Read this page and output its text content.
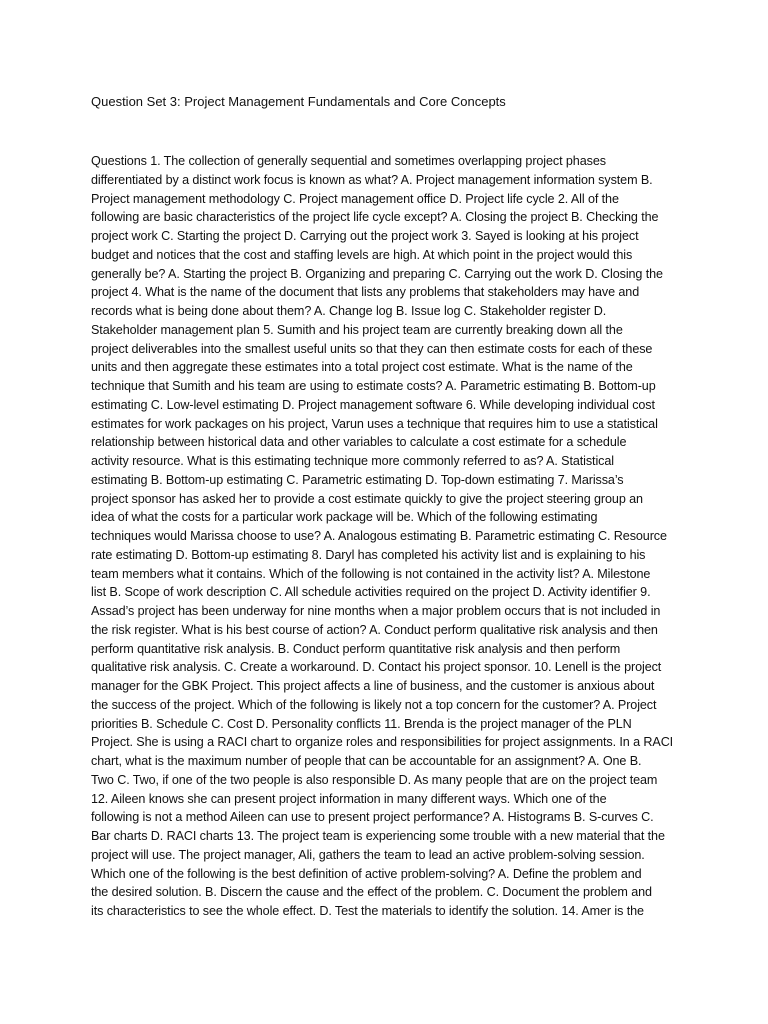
Question Set 3: Project Management Fundamentals and Core Concepts
Questions 1. The collection of generally sequential and sometimes overlapping project phases
differentiated by a distinct work focus is known as what? A. Project management information system B.
Project management methodology C. Project management office D. Project life cycle 2. All of the
following are basic characteristics of the project life cycle except? A. Closing the project B. Checking the
project work C. Starting the project D. Carrying out the project work 3. Sayed is looking at his project
budget and notices that the cost and staffing levels are high. At which point in the project would this
generally be? A. Starting the project B. Organizing and preparing C. Carrying out the work D. Closing the
project 4. What is the name of the document that lists any problems that stakeholders may have and
records what is being done about them? A. Change log B. Issue log C. Stakeholder register D.
Stakeholder management plan 5. Sumith and his project team are currently breaking down all the
project deliverables into the smallest useful units so that they can then estimate costs for each of these
units and then aggregate these estimates into a total project cost estimate. What is the name of the
technique that Sumith and his team are using to estimate costs? A. Parametric estimating B. Bottom-up
estimating C. Low-level estimating D. Project management software 6. While developing individual cost
estimates for work packages on his project, Varun uses a technique that requires him to use a statistical
relationship between historical data and other variables to calculate a cost estimate for a schedule
activity resource. What is this estimating technique more commonly referred to as? A. Statistical
estimating B. Bottom-up estimating C. Parametric estimating D. Top-down estimating 7. Marissa’s
project sponsor has asked her to provide a cost estimate quickly to give the project steering group an
idea of what the costs for a particular work package will be. Which of the following estimating
techniques would Marissa choose to use? A. Analogous estimating B. Parametric estimating C. Resource
rate estimating D. Bottom-up estimating 8. Daryl has completed his activity list and is explaining to his
team members what it contains. Which of the following is not contained in the activity list? A. Milestone
list B. Scope of work description C. All schedule activities required on the project D. Activity identifier 9.
Assad’s project has been underway for nine months when a major problem occurs that is not included in
the risk register. What is his best course of action? A. Conduct perform qualitative risk analysis and then
perform quantitative risk analysis. B. Conduct perform quantitative risk analysis and then perform
qualitative risk analysis. C. Create a workaround. D. Contact his project sponsor. 10. Lenell is the project
manager for the GBK Project. This project affects a line of business, and the customer is anxious about
the success of the project. Which of the following is likely not a top concern for the customer? A. Project
priorities B. Schedule C. Cost D. Personality conflicts 11. Brenda is the project manager of the PLN
Project. She is using a RACI chart to organize roles and responsibilities for project assignments. In a RACI
chart, what is the maximum number of people that can be accountable for an assignment? A. One B.
Two C. Two, if one of the two people is also responsible D. As many people that are on the project team
12. Aileen knows she can present project information in many different ways. Which one of the
following is not a method Aileen can use to present project performance? A. Histograms B. S-curves C.
Bar charts D. RACI charts 13. The project team is experiencing some trouble with a new material that the
project will use. The project manager, Ali, gathers the team to lead an active problem-solving session.
Which one of the following is the best definition of active problem-solving? A. Define the problem and
the desired solution. B. Discern the cause and the effect of the problem. C. Document the problem and
its characteristics to see the whole effect. D. Test the materials to identify the solution. 14. Amer is the
